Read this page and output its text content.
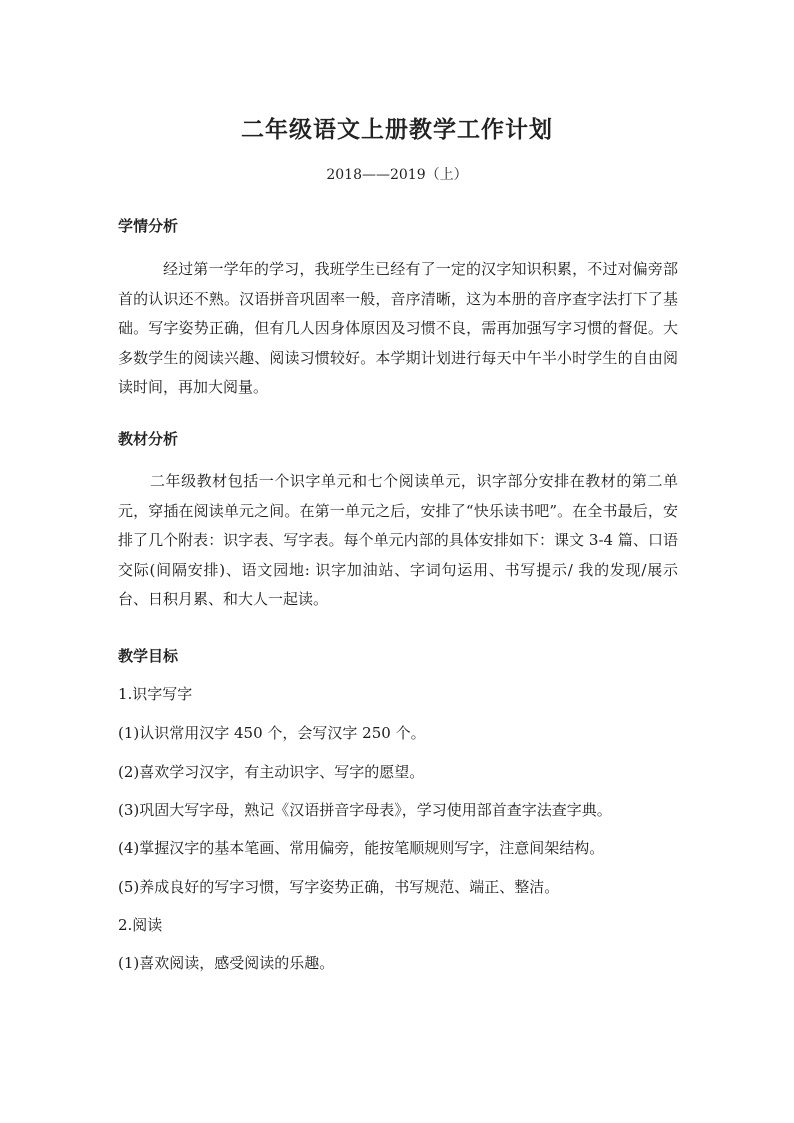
二年级语文上册教学工作计划
2018——2019（上）
学情分析
经过第一学年的学习，我班学生已经有了一定的汉字知识积累，不过对偏旁部首的认识还不熟。汉语拼音巩固率一般，音序清晰，这为本册的音序查字法打下了基础。写字姿势正确，但有几人因身体原因及习惯不良，需再加强写字习惯的督促。大多数学生的阅读兴趣、阅读习惯较好。本学期计划进行每天中午半小时学生的自由阅读时间，再加大阅量。
教材分析
二年级教材包括一个识字单元和七个阅读单元，识字部分安排在教材的第二单元，穿插在阅读单元之间。在第一单元之后，安排了“快乐读书吧”。在全书最后，安排了几个附表：识字表、写字表。每个单元内部的具体安排如下：课文 3-4 篇、口语交际(间隔安排)、语文园地: 识字加油站、字词句运用、书写提示/ 我的发现/展示台、日积月累、和大人一起读。
教学目标
1.识字写字
(1)认识常用汉字 450 个，会写汉字 250 个。
(2)喜欢学习汉字，有主动识字、写字的愿望。
(3)巩固大写字母，熟记《汉语拼音字母表》，学习使用部首查字法查字典。
(4)掌握汉字的基本笔画、常用偏旁，能按笔顺规则写字，注意间架结构。
(5)养成良好的写字习惯，写字姿势正确，书写规范、端正、整洁。
2.阅读
(1)喜欢阅读，感受阅读的乐趣。
